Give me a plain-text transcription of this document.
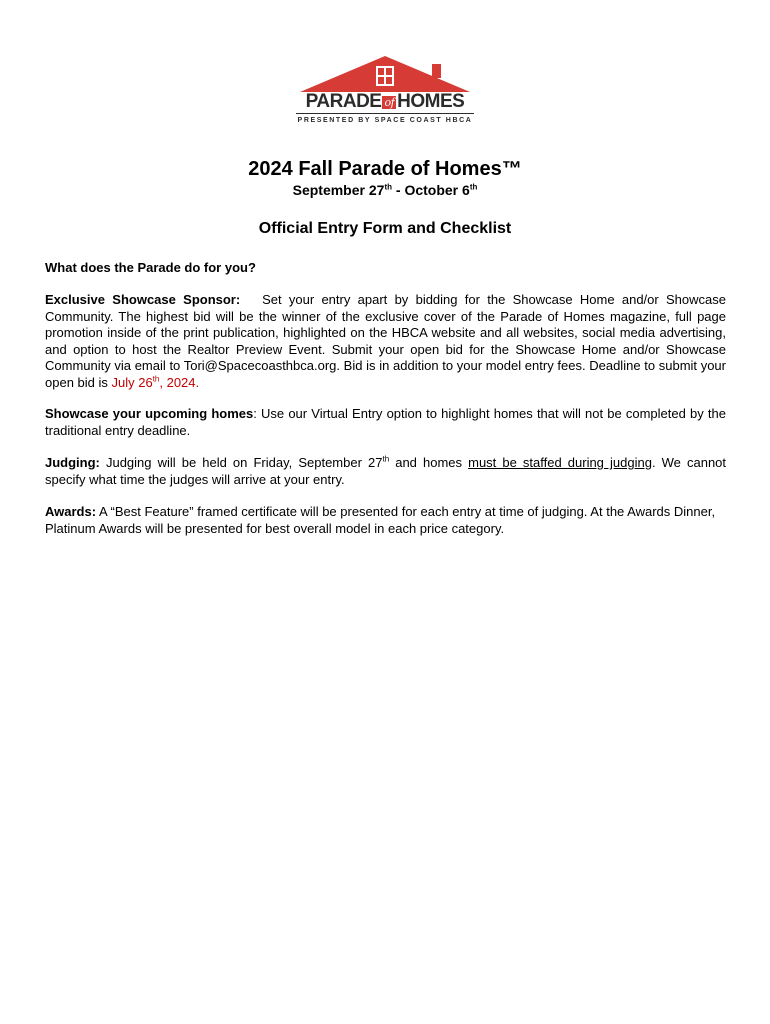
PARADE of HOMES
PRESENTED BY SPACE COAST HBCA
2024 Fall Parade of Homes™
September 27th - October 6th
Official Entry Form and Checklist
What does the Parade do for you?
Exclusive Showcase Sponsor: Set your entry apart by bidding for the Showcase Home and/or Showcase Community. The highest bid will be the winner of the exclusive cover of the Parade of Homes magazine, full page promotion inside of the print publication, highlighted on the HBCA website and all websites, social media advertising, and option to host the Realtor Preview Event. Submit your open bid for the Showcase Home and/or Showcase Community via email to Tori@Spacecoasthbca.org. Bid is in addition to your model entry fees. Deadline to submit your open bid is July 26th, 2024.
Showcase your upcoming homes: Use our Virtual Entry option to highlight homes that will not be completed by the traditional entry deadline.
Judging: Judging will be held on Friday, September 27th and homes must be staffed during judging. We cannot specify what time the judges will arrive at your entry.
Awards: A “Best Feature” framed certificate will be presented for each entry at time of judging. At the Awards Dinner, Platinum Awards will be presented for best overall model in each price category.
